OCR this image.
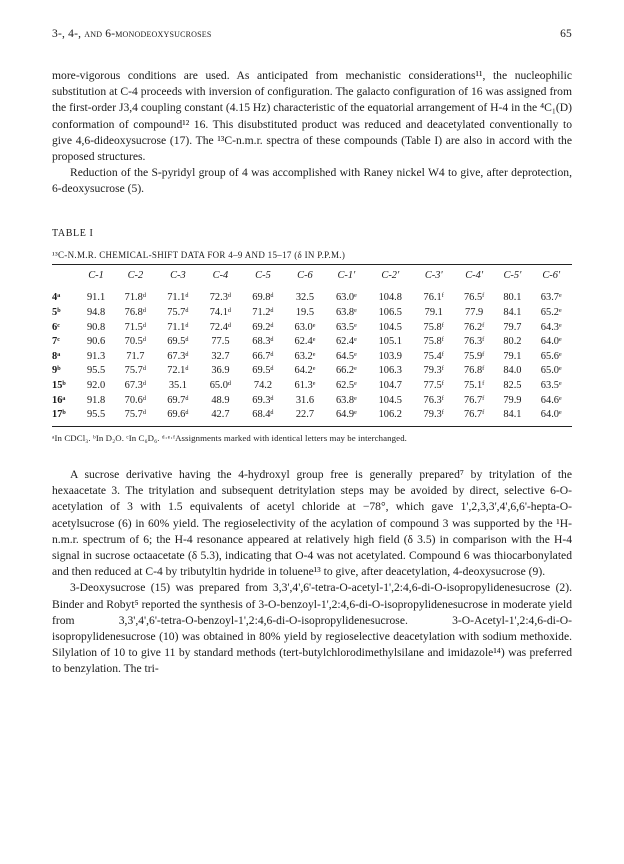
3-, 4-, and 6-monodeoxysucroses	65

more-vigorous conditions are used. As anticipated from mechanistic considerations¹¹, the nucleophilic substitution at C-4 proceeds with inversion of configuration. The galacto configuration of 16 was assigned from the first-order J3,4 coupling constant (4.15 Hz) characteristic of the equatorial arrangement of H-4 in the ⁴C₁(D) conformation of compound¹² 16. This disubstituted product was reduced and deacetylated conventionally to give 4,6-dideoxysucrose (17). The ¹³C-n.m.r. spectra of these compounds (Table I) are also in accord with the proposed structures.

Reduction of the S-pyridyl group of 4 was accomplished with Raney nickel W4 to give, after deprotection, 6-deoxysucrose (5).

TABLE I
¹³C-N.M.R. CHEMICAL-SHIFT DATA FOR 4–9 AND 15–17 (δ IN P.P.M.)
	C-1	C-2	C-3	C-4	C-5	C-6	C-1'	C-2'	C-3'	C-4'	C-5'	C-6'
4ᵃ	91.1	71.8ᵈ	71.1ᵈ	72.3ᵈ	69.8ᵈ	32.5	63.0ᵉ	104.8	76.1ᶠ	76.5ᶠ	80.1	63.7ᵉ
5ᵇ	94.8	76.8ᵈ	75.7ᵈ	74.1ᵈ	71.2ᵈ	19.5	63.8ᵉ	106.5	79.1	77.9	84.1	65.2ᵉ
6ᶜ	90.8	71.5ᵈ	71.1ᵈ	72.4ᵈ	69.2ᵈ	63.0ᵉ	63.5ᵉ	104.5	75.8ᶠ	76.2ᶠ	79.7	64.3ᵉ
7ᶜ	90.6	70.5ᵈ	69.5ᵈ	77.5	68.3ᵈ	62.4ᵉ	62.4ᵉ	105.1	75.8ᶠ	76.3ᶠ	80.2	64.0ᵉ
8ᵃ	91.3	71.7	67.3ᵈ	32.7	66.7ᵈ	63.2ᵉ	64.5ᵉ	103.9	75.4ᶠ	75.9ᶠ	79.1	65.6ᵉ
9ᵇ	95.5	75.7ᵈ	72.1ᵈ	36.9	69.5ᵈ	64.2ᵉ	66.2ᵉ	106.3	79.3ᶠ	76.8ᶠ	84.0	65.0ᵉ
15ᵇ	92.0	67.3ᵈ	35.1	65.0ᵈ	74.2	61.3ᵉ	62.5ᵉ	104.7	77.5ᶠ	75.1ᶠ	82.5	63.5ᵉ
16ᵃ	91.8	70.6ᵈ	69.7ᵈ	48.9	69.3ᵈ	31.6	63.8ᵉ	104.5	76.3ᶠ	76.7ᶠ	79.9	64.6ᵉ
17ᵇ	95.5	75.7ᵈ	69.6ᵈ	42.7	68.4ᵈ	22.7	64.9ᵉ	106.2	79.3ᶠ	76.7ᶠ	84.1	64.0ᵉ
ᵃIn CDCl₃. ᵇIn D₂O. ᶜIn C₆D₆. ᵈ·ᵉ·ᶠAssignments marked with identical letters may be interchanged.

A sucrose derivative having the 4-hydroxyl group free is generally prepared⁷ by tritylation of the hexaacetate 3. The tritylation and subsequent detritylation steps may be avoided by direct, selective 6-O-acetylation of 3 with 1.5 equivalents of acetyl chloride at −78°, which gave 1',2,3,3',4',6,6'-hepta-O-acetylsucrose (6) in 60% yield. The regioselectivity of the acylation of compound 3 was supported by the ¹H-n.m.r. spectrum of 6; the H-4 resonance appeared at relatively high field (δ 3.5) in comparison with the H-4 signal in sucrose octaacetate (δ 5.3), indicating that O-4 was not acetylated. Compound 6 was thiocarbonylated and then reduced at C-4 by tributyltin hydride in toluene¹³ to give, after deacetylation, 4-deoxysucrose (9).

3-Deoxysucrose (15) was prepared from 3,3',4',6'-tetra-O-acetyl-1',2:4,6-di-O-isopropylidenesucrose (2). Binder and Robyt⁵ reported the synthesis of 3-O-benzoyl-1',2:4,6-di-O-isopropylidenesucrose in moderate yield from 3,3',4',6'-tetra-O-benzoyl-1',2:4,6-di-O-isopropylidenesucrose. 3-O-Acetyl-1',2:4,6-di-O-isopropylidenesucrose (10) was obtained in 80% yield by regioselective deacetylation with sodium methoxide. Silylation of 10 to give 11 by standard methods (tert-butylchlorodimethylsilane and imidazole¹⁴) was preferred to benzylation. The tri-
